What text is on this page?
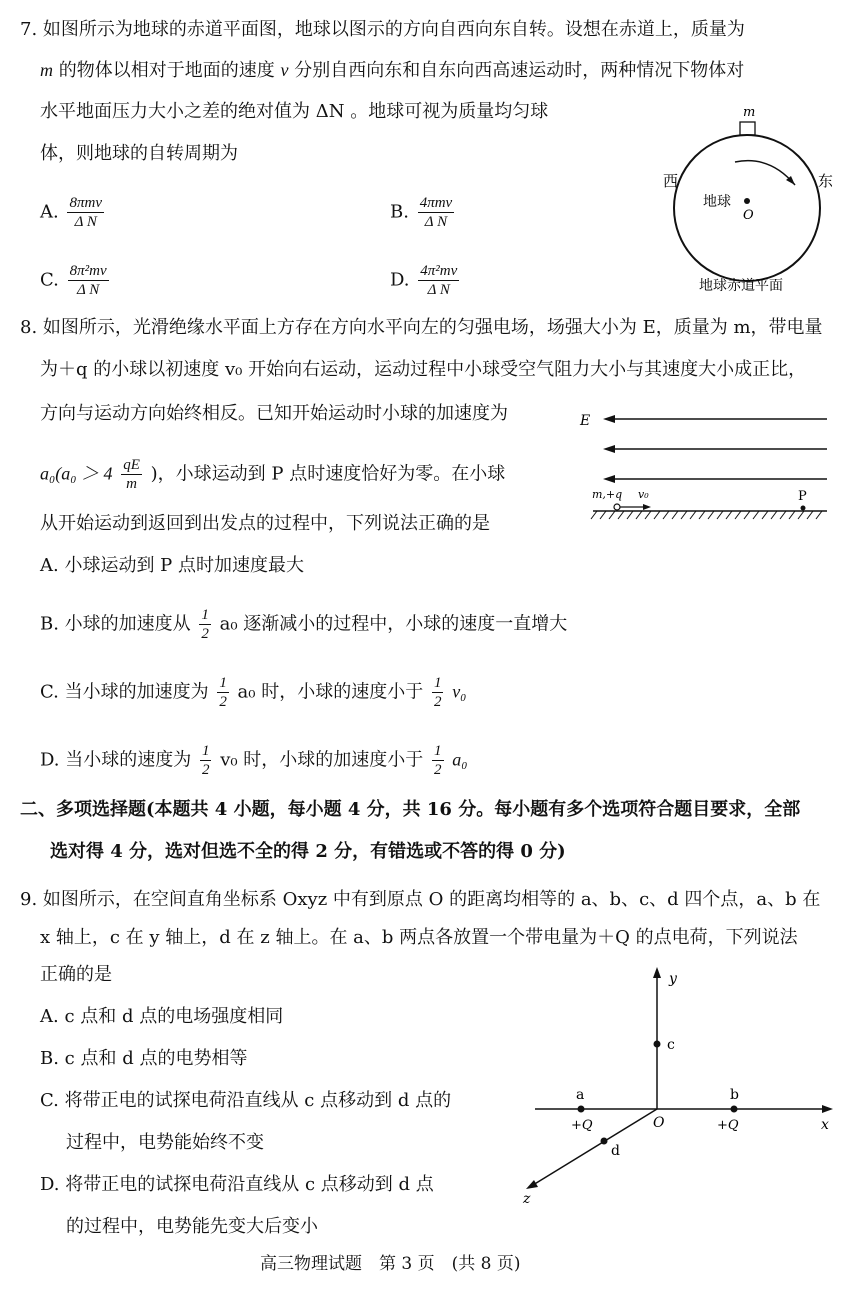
7. 如图所示为地球的赤道平面图，地球以图示的方向自西向东自转。设想在赤道上，质量为
m 的物体以相对于地面的速度 v 分别自西向东和自东向西高速运动时，两种情况下物体对
水平地面压力大小之差的绝对值为 ΔN 。地球可视为质量均匀球
体，则地球的自转周期为
A. $\frac{\text{8πmv}}{\text{Δ N}}$	B. $\frac{\text{4πmv}}{\text{Δ N}}$
C. $\frac{\text{8π²mv}}{\text{Δ N}}$	D. $\frac{\text{4π²mv}}{\text{Δ N}}$
m
西	东
地球
O
地球赤道平面
8. 如图所示，光滑绝缘水平面上方存在方向水平向左的匀强电场，场强大小为 E，质量为 m，带电量
为＋q 的小球以初速度 v₀ 开始向右运动，运动过程中小球受空气阻力大小与其速度大小成正比，
方向与运动方向始终相反。已知开始运动时小球的加速度为
$a_0(a_0 > 4 \frac{qE}{m}$ )，小球运动到 P 点时速度恰好为零。在小球
从开始运动到返回到出发点的过程中，下列说法正确的是
A. 小球运动到 P 点时加速度最大
B. 小球的加速度从 $\frac{1}{2} a_0$ 逐渐减小的过程中，小球的速度一直增大
C. 当小球的加速度为 $\frac{1}{2} a_0$ 时，小球的速度小于 $\frac{1}{2} v_0$
D. 当小球的速度为 $\frac{1}{2} v_0$ 时，小球的加速度小于 $\frac{1}{2} a_0$
E
m,+q v₀	P
二、多项选择题(本题共 4 小题，每小题 4 分，共 16 分。每小题有多个选项符合题目要求，全部
选对得 4 分，选对但选不全的得 2 分，有错选或不答的得 0 分)
9. 如图所示，在空间直角坐标系 Oxyz 中有到原点 O 的距离均相等的 a、b、c、d 四个点，a、b 在
x 轴上，c 在 y 轴上，d 在 z 轴上。在 a、b 两点各放置一个带电量为＋Q 的点电荷，下列说法
正确的是
A. c 点和 d 点的电场强度相同
B. c 点和 d 点的电势相等
C. 将带正电的试探电荷沿直线从 c 点移动到 d 点的
过程中，电势能始终不变
D. 将带正电的试探电荷沿直线从 c 点移动到 d 点
的过程中，电势能先变大后变小
y
x
z
O
c
a
+Q
b
+Q
d
高三物理试题　第 3 页　(共 8 页)
